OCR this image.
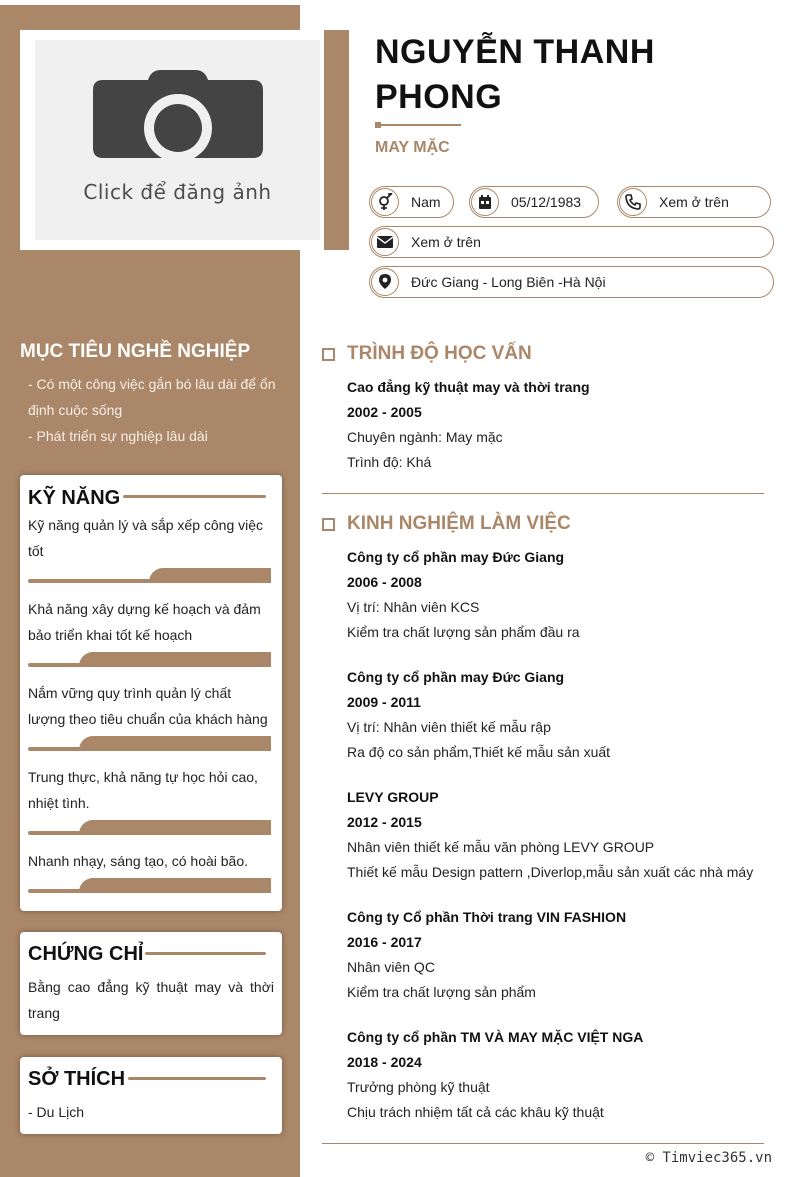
Click để đăng ảnh
NGUYỄN THANH PHONG
MAY MẶC
Nam	05/12/1983	Xem ở trên
Xem ở trên
Đức Giang - Long Biên -Hà Nội
MỤC TIÊU NGHỀ NGHIỆP
- Có một công việc gắn bó lâu dài để ổn định cuộc sống
- Phát triển sự nghiệp lâu dài
KỸ NĂNG
Kỹ năng quản lý và sắp xếp công việc tốt
Khả năng xây dựng kế hoạch và đảm bảo triển khai tốt kế hoạch
Nắm vững quy trình quản lý chất lượng theo tiêu chuẩn của khách hàng
Trung thực, khả năng tự học hỏi cao, nhiệt tình.
Nhanh nhạy, sáng tạo, có hoài bão.
CHỨNG CHỈ
Bằng cao đẳng kỹ thuật may và thời trang
SỞ THÍCH
- Du Lịch
TRÌNH ĐỘ HỌC VẤN
Cao đẳng kỹ thuật may và thời trang
2002 - 2005
Chuyên ngành: May mặc
Trình độ: Khá
KINH NGHIỆM LÀM VIỆC
Công ty cổ phần may Đức Giang
2006 - 2008
Vị trí: Nhân viên KCS
Kiểm tra chất lượng sản phẩm đầu ra
Công ty cổ phần may Đức Giang
2009 - 2011
Vị trí: Nhân viên thiết kế mẫu rập
Ra độ co sản phẩm,Thiết kế mẫu sản xuất
LEVY GROUP
2012 - 2015
Nhân viên thiết kế mẫu văn phòng LEVY GROUP
Thiết kế mẫu Design pattern ,Diverlop,mẫu sản xuất các nhà máy
Công ty Cổ phần Thời trang VIN FASHION
2016 - 2017
Nhân viên QC
Kiểm tra chất lượng sản phẩm
Công ty cổ phần TM VÀ MAY MẶC VIỆT NGA
2018 - 2024
Trưởng phòng kỹ thuật
Chịu trách nhiệm tất cả các khâu kỹ thuật
© Timviec365.vn
